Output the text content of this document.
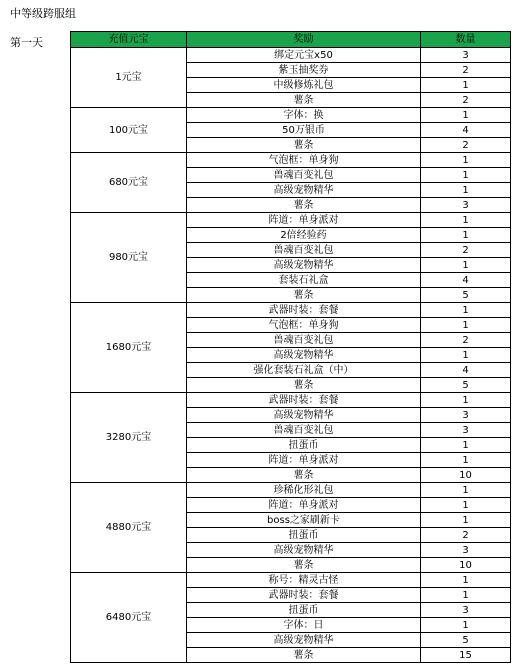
中等级跨服组
第一天	充值元宝	奖励	数量
1元宝	绑定元宝x50	3
	紫玉抽奖券	2
	中级修炼礼包	1
	薯条	2
100元宝	字体：换	1
	50万银币	4
	薯条	2
680元宝	气泡框：单身狗	1
	兽魂百变礼包	1
	高级宠物精华	1
	薯条	3
980元宝	阵道：单身派对	1
	2倍经验药	1
	兽魂百变礼包	2
	高级宠物精华	1
	套装石礼盒	4
	薯条	5
1680元宝	武器时装：套餐	1
	气泡框：单身狗	1
	兽魂百变礼包	2
	高级宠物精华	1
	强化套装石礼盒（中）	4
	薯条	5
3280元宝	武器时装：套餐	1
	高级宠物精华	3
	兽魂百变礼包	3
	扭蛋币	1
	阵道：单身派对	1
	薯条	10
4880元宝	珍稀化形礼包	1
	阵道：单身派对	1
	boss之家刷新卡	1
	扭蛋币	2
	高级宠物精华	3
	薯条	10
6480元宝	称号：精灵古怪	1
	武器时装：套餐	1
	扭蛋币	3
	字体：日	1
	高级宠物精华	5
	薯条	15
